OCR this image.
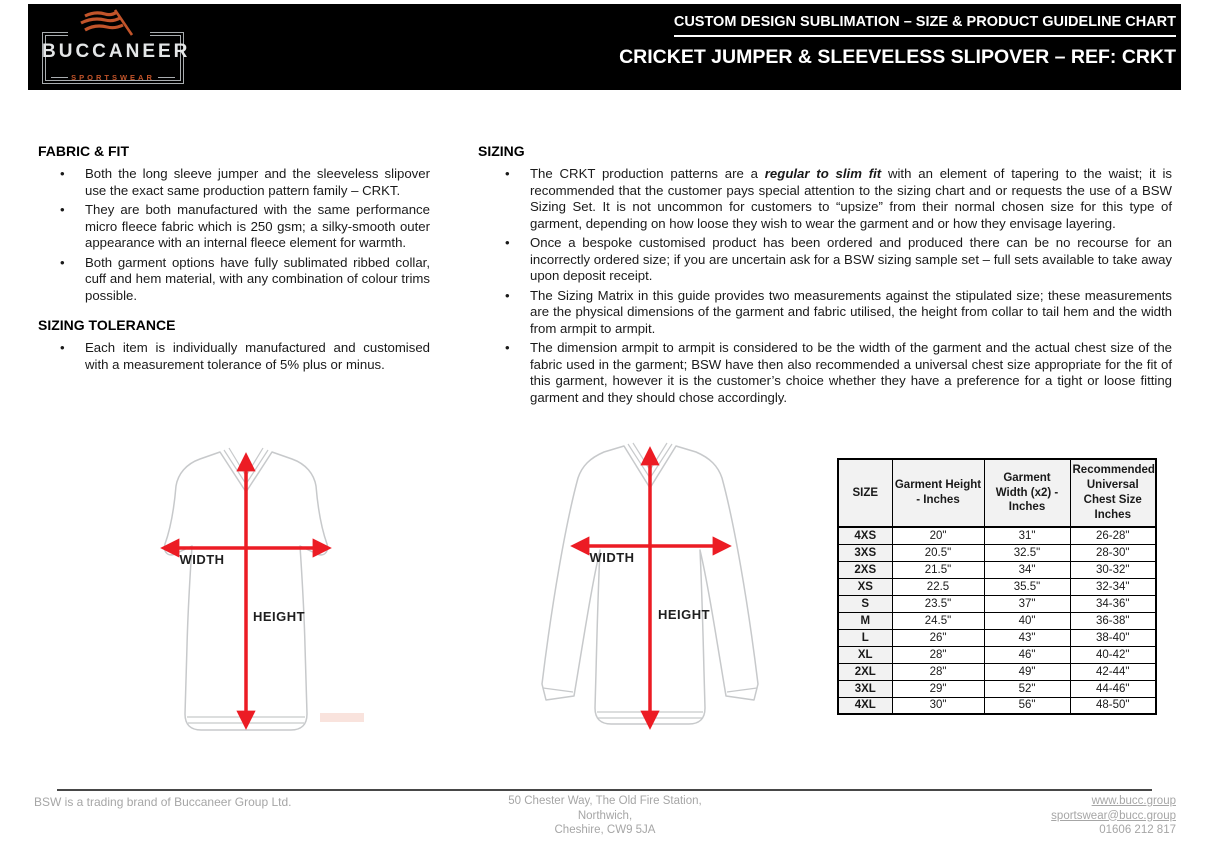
BUCCANEER
SPORTSWEAR
CUSTOM DESIGN SUBLIMATION – SIZE & PRODUCT GUIDELINE CHART
CRICKET JUMPER & SLEEVELESS SLIPOVER – REF: CRKT
FABRIC & FIT
• Both the long sleeve jumper and the sleeveless slipover use the exact same production pattern family – CRKT.
• They are both manufactured with the same performance micro fleece fabric which is 250 gsm; a silky-smooth outer appearance with an internal fleece element for warmth.
• Both garment options have fully sublimated ribbed collar, cuff and hem material, with any combination of colour trims possible.
SIZING TOLERANCE
• Each item is individually manufactured and customised with a measurement tolerance of 5% plus or minus.
SIZING
• The CRKT production patterns are a regular to slim fit with an element of tapering to the waist; it is recommended that the customer pays special attention to the sizing chart and or requests the use of a BSW Sizing Set. It is not uncommon for customers to “upsize” from their normal chosen size for this type of garment, depending on how loose they wish to wear the garment and or how they envisage layering.
• Once a bespoke customised product has been ordered and produced there can be no recourse for an incorrectly ordered size; if you are uncertain ask for a BSW sizing sample set – full sets available to take away upon deposit receipt.
• The Sizing Matrix in this guide provides two measurements against the stipulated size; these measurements are the physical dimensions of the garment and fabric utilised, the height from collar to tail hem and the width from armpit to armpit.
• The dimension armpit to armpit is considered to be the width of the garment and the actual chest size of the fabric used in the garment; BSW have then also recommended a universal chest size appropriate for the fit of this garment, however it is the customer’s choice whether they have a preference for a tight or loose fitting garment and they should chose accordingly.
WIDTH
HEIGHT
WIDTH
HEIGHT
SIZE	Garment Height - Inches	Garment Width (x2) - Inches	Recommended Universal Chest Size Inches
4XS	20"	31"	26-28"
3XS	20.5"	32.5"	28-30"
2XS	21.5"	34"	30-32"
XS	22.5	35.5"	32-34"
S	23.5"	37"	34-36"
M	24.5"	40"	36-38"
L	26"	43"	38-40"
XL	28"	46"	40-42"
2XL	28"	49"	42-44"
3XL	29"	52"	44-46"
4XL	30"	56"	48-50"
BSW is a trading brand of Buccaneer Group Ltd.	50 Chester Way, The Old Fire Station,
Northwich,
Cheshire, CW9 5JA
www.bucc.group
sportswear@bucc.group
01606 212 817
